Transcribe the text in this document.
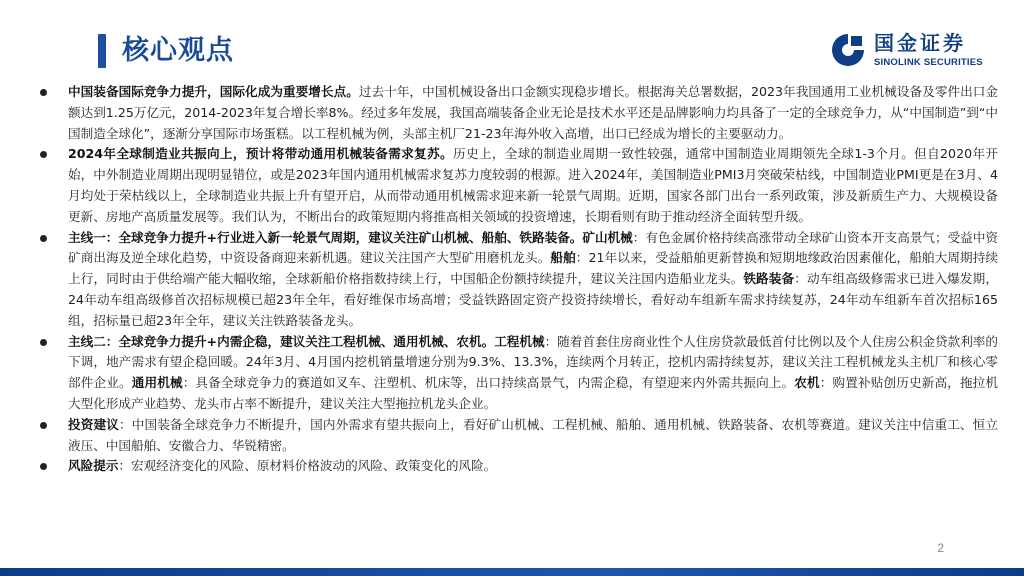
核心观点	国金证券
SINOLINK SECURITIES
中国装备国际竞争力提升，国际化成为重要增长点。过去十年，中国机械设备出口金额实现稳步增长。根据海关总署数据，2023年我国通用工业机械设备及零件出口金额达到1.25万亿元，2014-2023年复合增长率8%。经过多年发展，我国高端装备企业无论是技术水平还是品牌影响力均具备了一定的全球竞争力，从“中国制造”到“中国制造全球化”，逐渐分享国际市场蛋糕。以工程机械为例，头部主机厂21-23年海外收入高增，出口已经成为增长的主要驱动力。
2024年全球制造业共振向上，预计将带动通用机械装备需求复苏。历史上，全球的制造业周期一致性较强，通常中国制造业周期领先全球1-3个月。但自2020年开始，中外制造业周期出现明显错位，或是2023年国内通用机械需求复苏力度较弱的根源。进入2024年，美国制造业PMI3月突破荣枯线，中国制造业PMI更是在3月、4月均处于荣枯线以上，全球制造业共振上升有望开启，从而带动通用机械需求迎来新一轮景气周期。近期，国家各部门出台一系列政策，涉及新质生产力、大规模设备更新、房地产高质量发展等。我们认为，不断出台的政策短期内将推高相关领域的投资增速，长期看则有助于推动经济全面转型升级。
主线一：全球竞争力提升+行业进入新一轮景气周期，建议关注矿山机械、船舶、铁路装备。矿山机械：有色金属价格持续高涨带动全球矿山资本开支高景气；受益中资矿商出海及逆全球化趋势，中资设备商迎来新机遇。建议关注国产大型矿用磨机龙头。船舶：21年以来，受益船舶更新替换和短期地缘政治因素催化，船舶大周期持续上行，同时由于供给端产能大幅收缩，全球新船价格指数持续上行，中国船企份额持续提升，建议关注国内造船业龙头。铁路装备：动车组高级修需求已进入爆发期，24年动车组高级修首次招标规模已超23年全年，看好维保市场高增；受益铁路固定资产投资持续增长，看好动车组新车需求持续复苏，24年动车组新车首次招标165组，招标量已超23年全年，建议关注铁路装备龙头。
主线二：全球竞争力提升+内需企稳，建议关注工程机械、通用机械、农机。工程机械：随着首套住房商业性个人住房贷款最低首付比例以及个人住房公积金贷款利率的下调，地产需求有望企稳回暖。24年3月、4月国内挖机销量增速分别为9.3%、13.3%，连续两个月转正，挖机内需持续复苏，建议关注工程机械龙头主机厂和核心零部件企业。通用机械：具备全球竞争力的赛道如叉车、注塑机、机床等，出口持续高景气，内需企稳，有望迎来内外需共振向上。农机：购置补贴创历史新高，拖拉机大型化形成产业趋势、龙头市占率不断提升，建议关注大型拖拉机龙头企业。
投资建议：中国装备全球竞争力不断提升，国内外需求有望共振向上，看好矿山机械、工程机械、船舶、通用机械、铁路装备、农机等赛道。建议关注中信重工、恒立液压、中国船舶、安徽合力、华锐精密。
风险提示：宏观经济变化的风险、原材料价格波动的风险、政策变化的风险。
2
